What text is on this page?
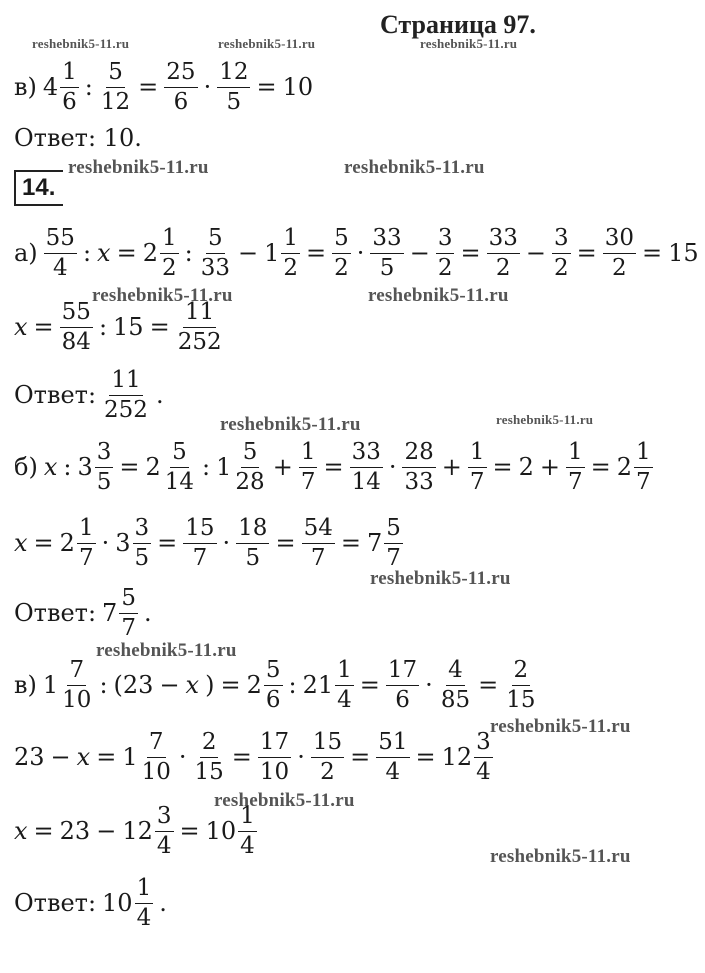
Страница 97.
reshebnik5-11.ru	reshebnik5-11.ru	reshebnik5-11.ru
reshebnik5-11.ru	reshebnik5-11.ru
reshebnik5-11.ru	reshebnik5-11.ru
reshebnik5-11.ru	reshebnik5-11.ru
reshebnik5-11.ru
reshebnik5-11.ru
reshebnik5-11.ru
reshebnik5-11.ru
reshebnik5-11.ru
в) $4 \frac{1}{6}$ : $\frac{5}{12} = \frac{25}{6} \cdot \frac{12}{5} = 10$
Ответ: 10.
14.
$а) \frac{55}{4}$ : $x = 2 \frac{1}{2}$ : $\frac{5}{33} - 1 \frac{1}{2} = \frac{5}{2} \cdot \frac{33}{5} - \frac{3}{2} = \frac{33}{2} - \frac{3}{2} = \frac{30}{2} = 15$
$x = \frac{55}{84}$ : $15 = \frac{11}{252}$
Ответ: $\frac{11}{252}$ .
б) x : $3 \frac{3}{5} = 2 \frac{5}{14}$ : $1 \frac{5}{28} + \frac{1}{7} = \frac{33}{14} \cdot \frac{28}{33} + \frac{1}{7} = 2 + \frac{1}{7} = 2 \frac{1}{7}$
$x = 2 \frac{1}{7} \cdot 3 \frac{3}{5} = \frac{15}{7} \cdot \frac{18}{5} = \frac{54}{7} = 7 \frac{5}{7}$
Ответ: $7 \frac{5}{7}$ .
в) $1 \frac{7}{10}$ : (23 − x ) = $2 \frac{5}{6}$ : $21 \frac{1}{4} = \frac{17}{6} \cdot \frac{4}{85} = \frac{2}{15}$
$23 - x = 1 \frac{7}{10} \cdot \frac{2}{15} = \frac{17}{10} \cdot \frac{15}{2} = \frac{51}{4} = 12 \frac{3}{4}$
$x = 23 - 12 \frac{3}{4} = 10 \frac{1}{4}$
Ответ: $10 \frac{1}{4}$ .
